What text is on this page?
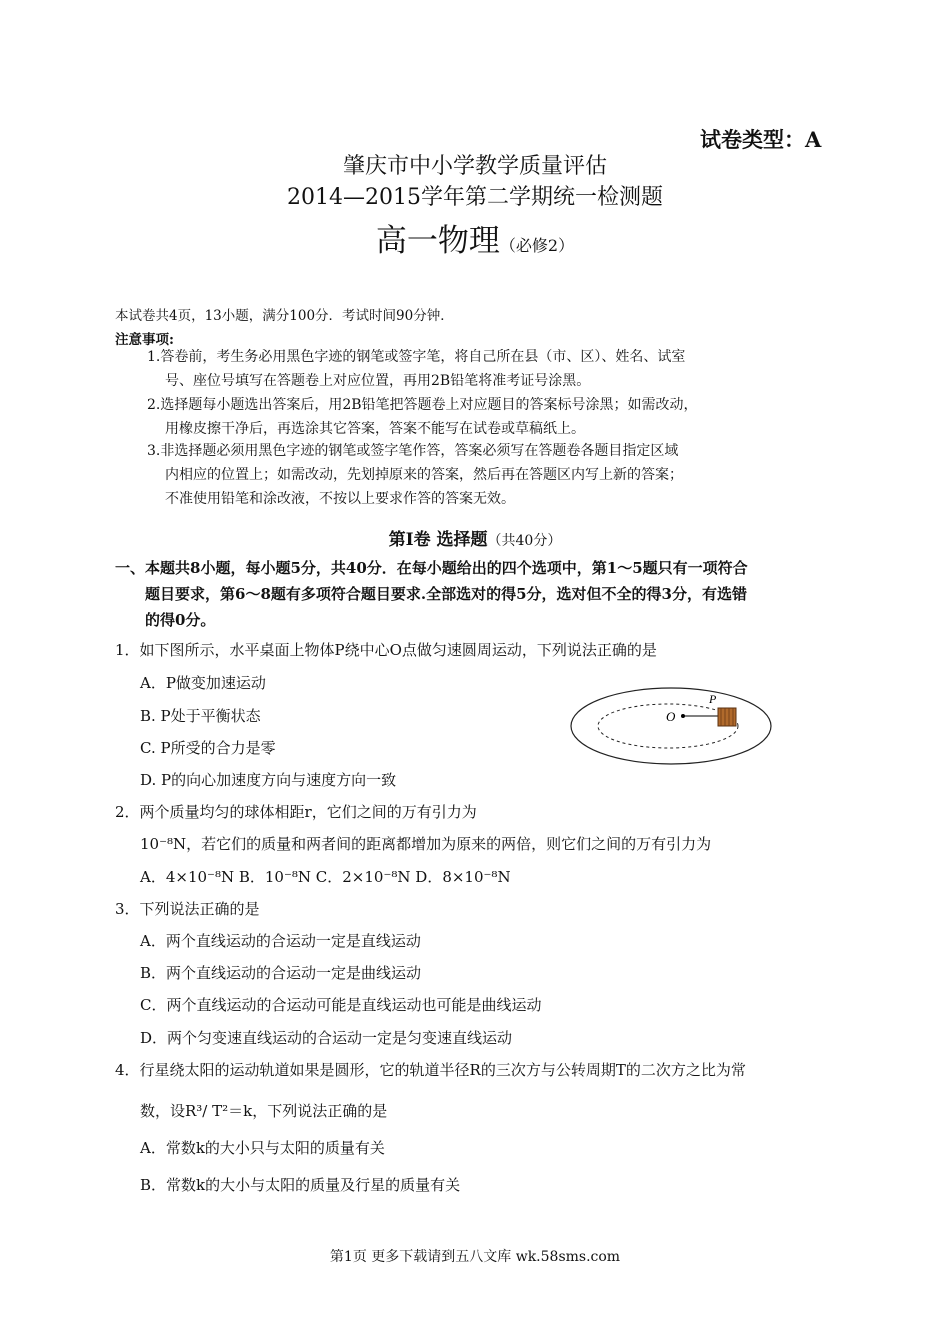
试卷类型：A
肇庆市中小学教学质量评估
2014—2015学年第二学期统一检测题
高一物理（必修2）
本试卷共4页，13小题，满分100分．考试时间90分钟．
注意事项:
1.答卷前，考生务必用黑色字迹的钢笔或签字笔，将自己所在县（市、区）、姓名、试室
号、座位号填写在答题卷上对应位置，再用2B铅笔将准考证号涂黑。
2.选择题每小题选出答案后，用2B铅笔把答题卷上对应题目的答案标号涂黑；如需改动，
用橡皮擦干净后，再选涂其它答案，答案不能写在试卷或草稿纸上。
3.非选择题必须用黑色字迹的钢笔或签字笔作答，答案必须写在答题卷各题目指定区域
内相应的位置上；如需改动，先划掉原来的答案，然后再在答题区内写上新的答案；
不准使用铅笔和涂改液，不按以上要求作答的答案无效。
第Ⅰ卷 选择题（共40分）
一、本题共8小题，每小题5分，共40分．在每小题给出的四个选项中，第1～5题只有一项符合
题目要求，第6～8题有多项符合题目要求.全部选对的得5分，选对但不全的得3分，有选错
的得0分。
1．如下图所示，水平桌面上物体P绕中心O点做匀速圆周运动，下列说法正确的是
A．P做变加速运动
B. P处于平衡状态
C. P所受的合力是零
D. P的向心加速度方向与速度方向一致
O
P
2．两个质量均匀的球体相距r，它们之间的万有引力为
10⁻⁸N，若它们的质量和两者间的距离都增加为原来的两倍，则它们之间的万有引力为
A．4×10⁻⁸N B．10⁻⁸N C．2×10⁻⁸N D．8×10⁻⁸N
3．下列说法正确的是
A．两个直线运动的合运动一定是直线运动
B．两个直线运动的合运动一定是曲线运动
C．两个直线运动的合运动可能是直线运动也可能是曲线运动
D．两个匀变速直线运动的合运动一定是匀变速直线运动
4．行星绕太阳的运动轨道如果是圆形，它的轨道半径R的三次方与公转周期T的二次方之比为常
数，设R³/ T²＝k，下列说法正确的是
A．常数k的大小只与太阳的质量有关
B．常数k的大小与太阳的质量及行星的质量有关
第1页 更多下载请到五八文库 wk.58sms.com
